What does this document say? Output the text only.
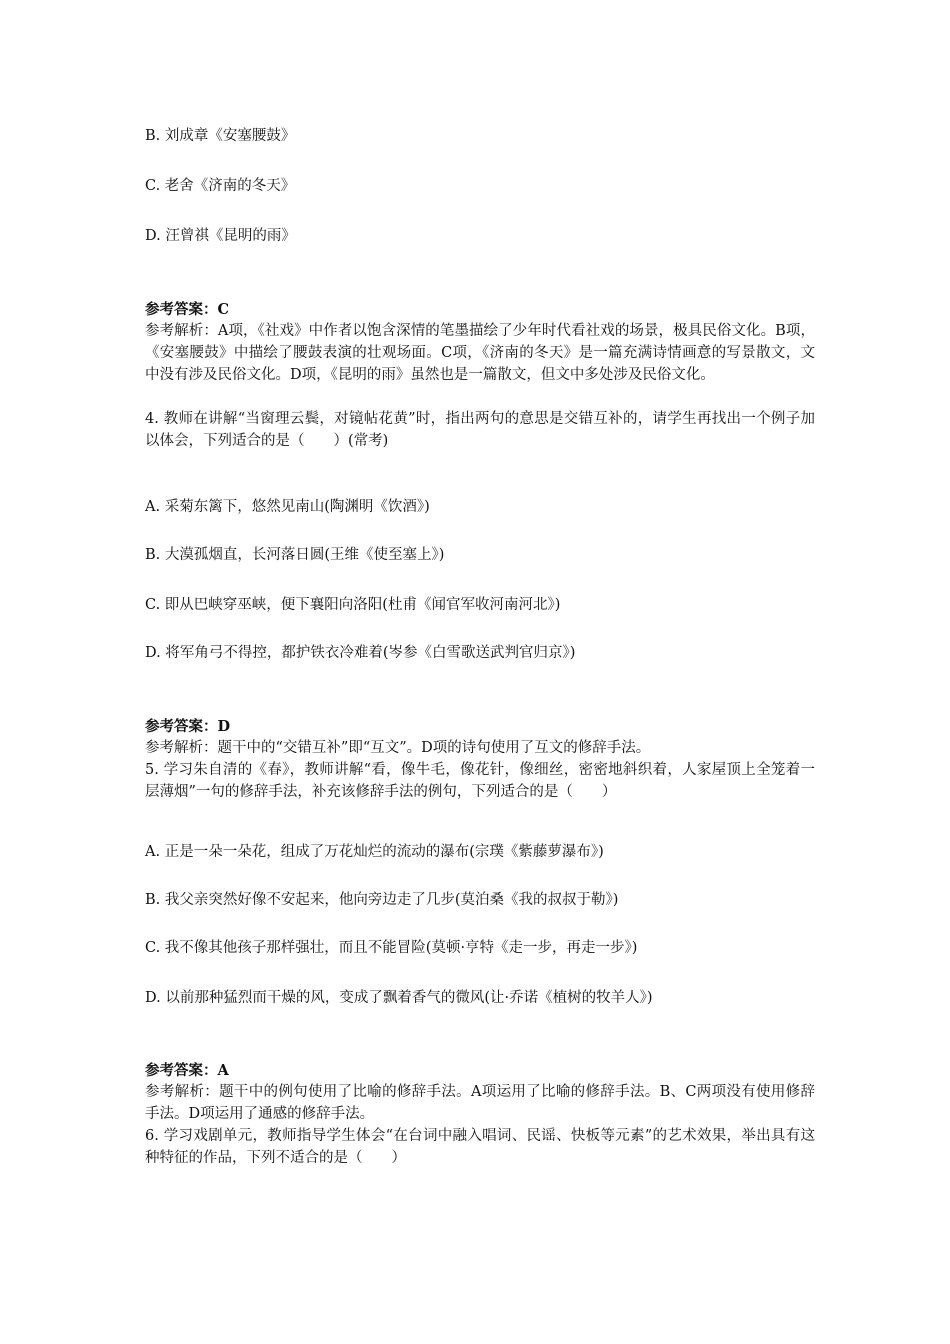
B. 刘成章《安塞腰鼓》
C. 老舍《济南的冬天》
D. 汪曾祺《昆明的雨》
参考答案：C
参考解析：A项，《社戏》中作者以饱含深情的笔墨描绘了少年时代看社戏的场景，极具民俗文化。B项，《安塞腰鼓》中描绘了腰鼓表演的壮观场面。C项，《济南的冬天》是一篇充满诗情画意的写景散文，文中没有涉及民俗文化。D项，《昆明的雨》虽然也是一篇散文，但文中多处涉及民俗文化。
4. 教师在讲解“当窗理云鬓，对镜帖花黄”时，指出两句的意思是交错互补的，请学生再找出一个例子加以体会，下列适合的是（　　）(常考)
A. 采菊东篱下，悠然见南山(陶渊明《饮酒》)
B. 大漠孤烟直，长河落日圆(王维《使至塞上》)
C. 即从巴峡穿巫峡，便下襄阳向洛阳(杜甫《闻官军收河南河北》)
D. 将军角弓不得控，都护铁衣冷难着(岑参《白雪歌送武判官归京》)
参考答案：D
参考解析：题干中的“交错互补”即“互文”。D项的诗句使用了互文的修辞手法。
5. 学习朱自清的《春》，教师讲解“看，像牛毛，像花针，像细丝，密密地斜织着，人家屋顶上全笼着一层薄烟”一句的修辞手法，补充该修辞手法的例句，下列适合的是（　　）
A. 正是一朵一朵花，组成了万花灿烂的流动的瀑布(宗璞《紫藤萝瀑布》)
B. 我父亲突然好像不安起来，他向旁边走了几步(莫泊桑《我的叔叔于勒》)
C. 我不像其他孩子那样强壮，而且不能冒险(莫顿·亨特《走一步，再走一步》)
D. 以前那种猛烈而干燥的风，变成了飘着香气的微风(让·乔诺《植树的牧羊人》)
参考答案：A
参考解析：题干中的例句使用了比喻的修辞手法。A项运用了比喻的修辞手法。B、C两项没有使用修辞手法。D项运用了通感的修辞手法。
6. 学习戏剧单元，教师指导学生体会“在台词中融入唱词、民谣、快板等元素”的艺术效果，举出具有这种特征的作品，下列不适合的是（　　）
